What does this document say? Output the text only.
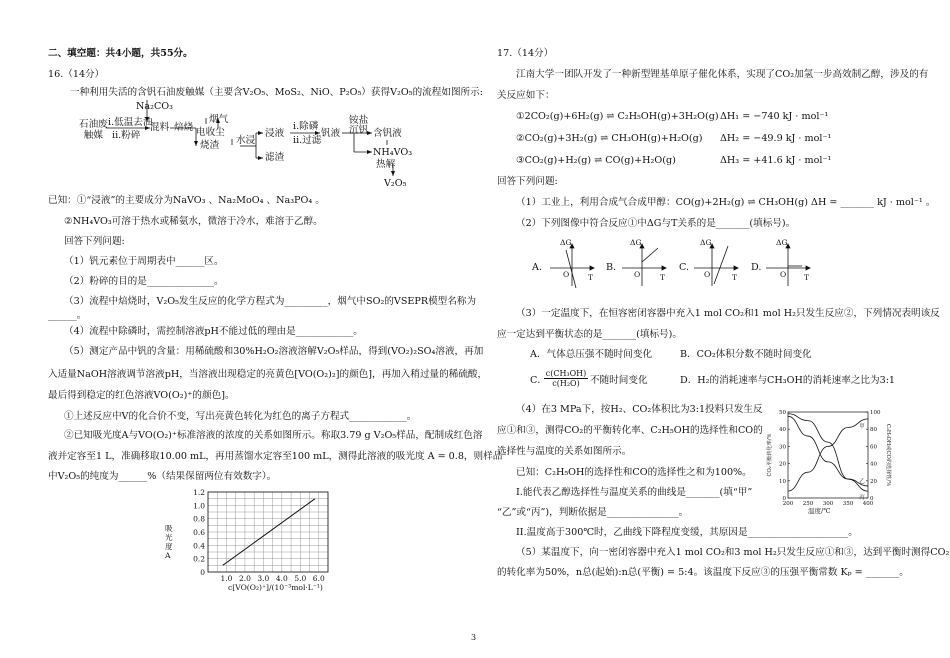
二、填空题：共4小题，共55分。
16.（14分）
一种利用失活的含钒石油废触媒（主要含V₂O₅、MoS₂、NiO、P₂O₅）获得V₂O₅的流程如图所示:
石油废
触媒
i.低温去油
ii.粉碎
Na₂CO₃
混料 焙烧
烟气
电收尘
烧渣 水浸
浸液
滤渣
i.除磷
ii.过滤
钒液
铵盐
沉钒 含钒液
NH₄VO₃
热解
V₂O₅
已知：①“浸液”的主要成分为NaVO₃ 、Na₂MoO₄ 、Na₃PO₄ 。
②NH₄VO₃可溶于热水或稀氨水，微溶于冷水，难溶于乙醇。
回答下列问题:
（1）钒元素位于周期表中______区。
（2）粉碎的目的是______________。
（3）流程中焙烧时，V₂O₅发生反应的化学方程式为_________，烟气中SO₂的VSEPR模型名称为
______。
（4）流程中除磷时，需控制溶液pH不能过低的理由是____________。
（5）测定产品中钒的含量：用稀硫酸和30%H₂O₂溶液溶解V₂O₅样品，得到(VO₂)₂SO₄溶液，再加
入适量NaOH溶液调节溶液pH，当溶液出现稳定的亮黄色[VO(O₂)₂]的颜色]，再加入稍过量的稀硫酸，
最后得到稳定的红色溶液VO(O₂)⁺的颜色]。
①上述反应中V的化合价不变，写出亮黄色转化为红色的离子方程式____________。
②已知吸光度A与VO(O₂)⁺标准溶液的浓度的关系如图所示。称取3.79 g V₂O₅样品，配制成红色溶
液并定容至1 L，准确移取10.00 mL，再用蒸馏水定容至100 mL，测得此溶液的吸光度 A = 0.8，则样品
中V₂O₅的纯度为______%（结果保留两位有效数字）。
1.2
1.0
0.8
0.6
0.4
0.2
0
1.0 2.0 3.0 4.0 5.0 6.0
吸光度A
c[VO(O₂)⁺]/(10⁻³mol·L⁻¹)
17.（14分）
江南大学一团队开发了一种新型锂基单原子催化体系，实现了CO₂加氢一步高效制乙醇，涉及的有
关反应如下：
①2CO₂(g)+6H₂(g) ⇌ C₂H₅OH(g)+3H₂O(g) ΔH₁ = −740 kJ · mol⁻¹
②CO₂(g)+3H₂(g) ⇌ CH₃OH(g)+H₂O(g) ΔH₂ = −49.9 kJ · mol⁻¹
③CO₂(g)+H₂(g) ⇌ CO(g)+H₂O(g)	ΔH₃ = +41.6 kJ · mol⁻¹
回答下列问题:
（1）工业上，利用合成气合成甲醇：CO(g)+2H₂(g) ⇌ CH₃OH(g) ΔH = _______ kJ · mol⁻¹ 。
（2）下列图像中符合反应①中ΔG与T关系的是_______(填标号)。
A.	B.	C.	D.
ΔG	ΔG	ΔG	ΔG
O	O	O	O
T	T	T	T
（3）一定温度下，在恒容密闭容器中充入1 mol CO₂和1 mol H₂只发生反应②，下列情况表明该反
应一定达到平衡状态的是_______(填标号)。
A．气体总压强不随时间变化	B．CO₂体积分数不随时间变化
C．
$\frac{\text{c(CH₃OH)}}{\text{c(H₂O)}}$ 不随时间变化	D．H₂的消耗速率与CH₃OH的消耗速率之比为3:1
（4）在3 MPa下，按H₂、CO₂体积比为3:1投料只发生反
应①和③，测得CO₂的平衡转化率、C₂H₅OH的选择性和CO的
选择性与温度的关系如图所示。
已知：C₂H₅OH的选择性和CO的选择性之和为100%。
I.能代表乙醇选择性与温度关系的曲线是_______(填“甲”
“乙”或“丙”)，判断依据是_______________。
II.温度高于300℃时，乙曲线下降程度变缓，其原因是_____________________。
（5）某温度下，向一密闭容器中充入1 mol CO₂和3 mol H₂只发生反应①和③，达到平衡时测得CO₂
的转化率为50%，n总(起始):n总(平衡) = 5:4。该温度下反应③的压强平衡常数 Kₚ = _______。
50
40
30
20
10
0
100
80
60
40
20
0
200 250 300 350 400
CO₂平衡转化率/%	C₂H₅OH或CO的选择性/%
甲
乙
丙
温度/℃
3
